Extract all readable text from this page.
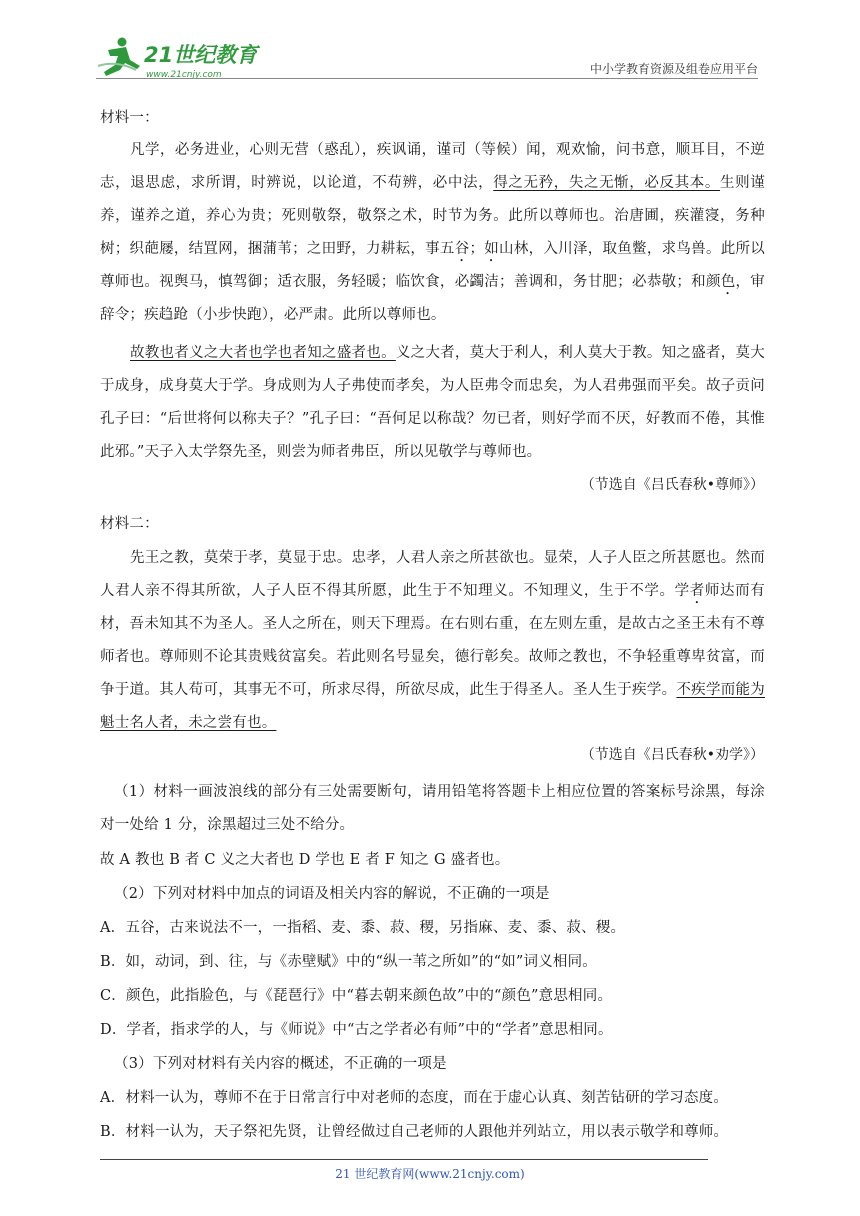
21世纪教育
www.21cnjy.com	中小学教育资源及组卷应用平台
材料一：
凡学，必务进业，心则无营（惑乱），疾讽诵，谨司（等候）闻，观欢愉，问书意，顺耳目，不逆志，退思虑，求所谓，时辨说，以论道，不苟辨，必中法，得之无矜，失之无惭，必反其本。生则谨养，谨养之道，养心为贵；死则敬祭，敬祭之术，时节为务。此所以尊师也。治唐圃，疾灌寖，务种树；织葩屦，结罝网，捆蒲苇；之田野，力耕耘，事五谷；如山林，入川泽，取鱼鳖，求鸟兽。此所以尊师也。视舆马，慎驾御；适衣服，务轻暖；临饮食，必蠲洁；善调和，务甘肥；必恭敬；和颜色，审辞令；疾趋跄（小步快跑），必严肃。此所以尊师也。
故教也者义之大者也学也者知之盛者也。义之大者，莫大于利人，利人莫大于教。知之盛者，莫大于成身，成身莫大于学。身成则为人子弗使而孝矣，为人臣弗令而忠矣，为人君弗强而平矣。故子贡问孔子曰：“后世将何以称夫子？”孔子曰：“吾何足以称哉？勿已者，则好学而不厌，好教而不倦，其惟此邪。”天子入太学祭先圣，则尝为师者弗臣，所以见敬学与尊师也。
（节选自《吕氏春秋•尊师》）
材料二：
先王之教，莫荣于孝，莫显于忠。忠孝，人君人亲之所甚欲也。显荣，人子人臣之所甚愿也。然而人君人亲不得其所欲，人子人臣不得其所愿，此生于不知理义。不知理义，生于不学。学者师达而有材，吾未知其不为圣人。圣人之所在，则天下理焉。在右则右重，在左则左重，是故古之圣王未有不尊师者也。尊师则不论其贵贱贫富矣。若此则名号显矣，德行彰矣。故师之教也，不争轻重尊卑贫富，而争于道。其人苟可，其事无不可，所求尽得，所欲尽成，此生于得圣人。圣人生于疾学。不疾学而能为魁士名人者，未之尝有也。
（节选自《吕氏春秋•劝学》）
（1）材料一画波浪线的部分有三处需要断句，请用铅笔将答题卡上相应位置的答案标号涂黑，每涂对一处给 1 分，涂黑超过三处不给分。
故 A 教也 B 者 C 义之大者也 D 学也 E 者 F 知之 G 盛者也。
（2）下列对材料中加点的词语及相关内容的解说，不正确的一项是
A．五谷，古来说法不一，一指稻、麦、黍、菽、稷，另指麻、麦、黍、菽、稷。
B．如，动词，到、往，与《赤壁赋》中的“纵一苇之所如”的“如”词义相同。
C．颜色，此指脸色，与《琵琶行》中“暮去朝来颜色故”中的“颜色”意思相同。
D．学者，指求学的人，与《师说》中“古之学者必有师”中的“学者”意思相同。
（3）下列对材料有关内容的概述，不正确的一项是
A．材料一认为，尊师不在于日常言行中对老师的态度，而在于虚心认真、刻苦钻研的学习态度。
B．材料一认为，天子祭祀先贤，让曾经做过自己老师的人跟他并列站立，用以表示敬学和尊师。
21 世纪教育网(www.21cnjy.com)
